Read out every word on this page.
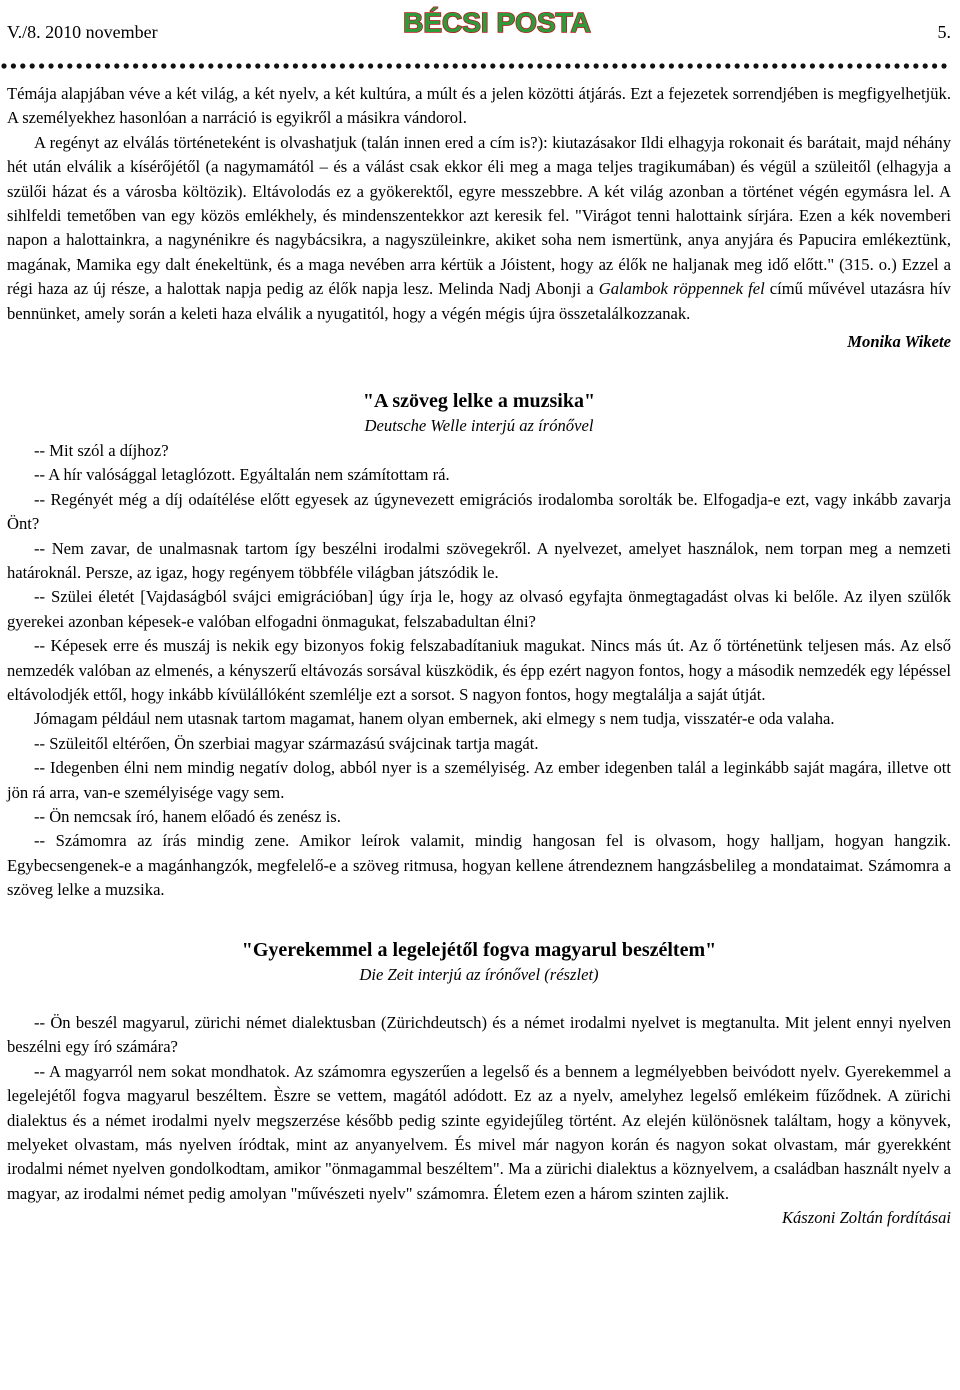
V./8. 2010 november	BÉCSI POSTA	5.

Témája alapjában véve a két világ, a két nyelv, a két kultúra, a múlt és a jelen közötti átjárás. Ezt a fejezetek sorrendjében is megfigyelhetjük. A személyekhez hasonlóan a narráció is egyikről a másikra vándorol.

A regényt az elválás történeteként is olvashatjuk (talán innen ered a cím is?): kiutazásakor Ildi elhagyja rokonait és barátait, majd néhány hét után elválik a kísérőjétől (a nagymamától – és a válást csak ekkor éli meg a maga teljes tragikumában) és végül a szüleitől (elhagyja a szülői házat és a városba költözik). Eltávolodás ez a gyökerektől, egyre messzebbre. A két világ azonban a történet végén egymásra lel. A sihlfeldi temetőben van egy közös emlékhely, és mindenszentekkor azt keresik fel. "Virágot tenni halottaink sírjára. Ezen a kék novemberi napon a halottainkra, a nagynénikre és nagybácsikra, a nagyszüleinkre, akiket soha nem ismertünk, anya anyjára és Papucira emlékeztünk, magának, Mamika egy dalt énekeltünk, és a maga nevében arra kértük a Jóistent, hogy az élők ne haljanak meg idő előtt." (315. o.) Ezzel a régi haza az új része, a halottak napja pedig az élők napja lesz. Melinda Nadj Abonji a Galambok röppennek fel című művével utazásra hív bennünket, amely során a keleti haza elválik a nyugatitól, hogy a végén mégis újra összetalálkozzanak.

Monika Wikete

"A szöveg lelke a muzsika"
Deutsche Welle interjú az írónővel

-- Mit szól a díjhoz?

-- A hír valósággal letaglózott. Egyáltalán nem számítottam rá.

-- Regényét még a díj odaítélése előtt egyesek az úgynevezett emigrációs irodalomba sorolták be. Elfogadja-e ezt, vagy inkább zavarja Önt?

-- Nem zavar, de unalmasnak tartom így beszélni irodalmi szövegekről. A nyelvezet, amelyet használok, nem torpan meg a nemzeti határoknál. Persze, az igaz, hogy regényem többféle világban játszódik le.

-- Szülei életét [Vajdaságból svájci emigrációban] úgy írja le, hogy az olvasó egyfajta önmegtagadást olvas ki belőle. Az ilyen szülők gyerekei azonban képesek-e valóban elfogadni önmagukat, felszabadultan élni?

-- Képesek erre és muszáj is nekik egy bizonyos fokig felszabadítaniuk magukat. Nincs más út. Az ő történetünk teljesen más. Az első nemzedék valóban az elmenés, a kényszerű eltávozás sorsával küszködik, és épp ezért nagyon fontos, hogy a második nemzedék egy lépéssel eltávolodjék ettől, hogy inkább kívülállóként szemlélje ezt a sorsot. S nagyon fontos, hogy megtalálja a saját útját.

Jómagam például nem utasnak tartom magamat, hanem olyan embernek, aki elmegy s nem tudja, visszatér-e oda valaha.

-- Szüleitől eltérően, Ön szerbiai magyar származású svájcinak tartja magát.

-- Idegenben élni nem mindig negatív dolog, abból nyer is a személyiség. Az ember idegenben talál a leginkább saját magára, illetve ott jön rá arra, van-e személyisége vagy sem.

-- Ön nemcsak író, hanem előadó és zenész is.

-- Számomra az írás mindig zene. Amikor leírok valamit, mindig hangosan fel is olvasom, hogy halljam, hogyan hangzik. Egybecsengenek-e a magánhangzók, megfelelő-e a szöveg ritmusa, hogyan kellene átrendeznem hangzásbelileg a mondataimat. Számomra a szöveg lelke a muzsika.

"Gyerekemmel a legelejétől fogva magyarul beszéltem"
Die Zeit interjú az írónővel (részlet)

-- Ön beszél magyarul, zürichi német dialektusban (Zürichdeutsch) és a német irodalmi nyelvet is megtanulta. Mit jelent ennyi nyelven beszélni egy író számára?

-- A magyarról nem sokat mondhatok. Az számomra egyszerűen a legelső és a bennem a legmélyebben beivódott nyelv. Gyerekemmel a legelejétől fogva magyarul beszéltem. Èszre se vettem, magától adódott. Ez az a nyelv, amelyhez legelső emlékeim fűződnek. A zürichi dialektus és a német irodalmi nyelv megszerzése később pedig szinte egyidejűleg történt. Az elején különösnek találtam, hogy a könyvek, melyeket olvastam, más nyelven íródtak, mint az anyanyelvem. És mivel már nagyon korán és nagyon sokat olvastam, már gyerekként irodalmi német nyelven gondolkodtam, amikor "önmagammal beszéltem". Ma a zürichi dialektus a köznyelvem, a családban használt nyelv a magyar, az irodalmi német pedig amolyan "művészeti nyelv" számomra. Életem ezen a három szinten zajlik.

Kászoni Zoltán fordításai
